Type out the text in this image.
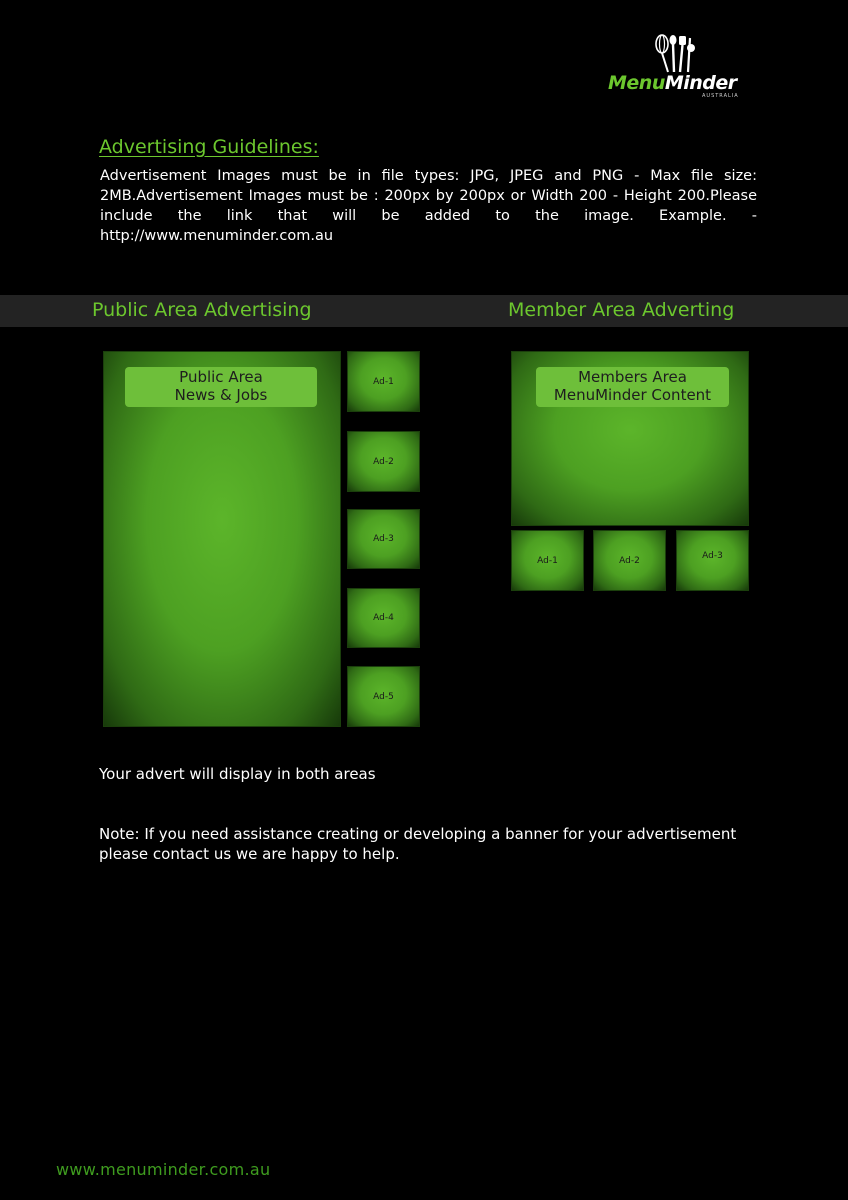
MenuMinder
AUSTRALIA
Advertising Guidelines:
Advertisement Images must be in file types: JPG, JPEG and PNG - Max file size: 2MB.Advertisement Images must be : 200px by 200px or Width 200 - Height 200.Please include the link that will be added to the image. Example. - http://www.menuminder.com.au
Public Area Advertising	Member Area Adverting
Public Area
News & Jobs
Ad-1
Ad-2
Ad-3
Ad-4
Ad-5
Members Area
MenuMinder Content
Ad-1	Ad-2	Ad-3
Your advert will display in both areas
Note: If you need assistance creating or developing a banner for your advertisement please contact us we are happy to help.
www.menuminder.com.au
